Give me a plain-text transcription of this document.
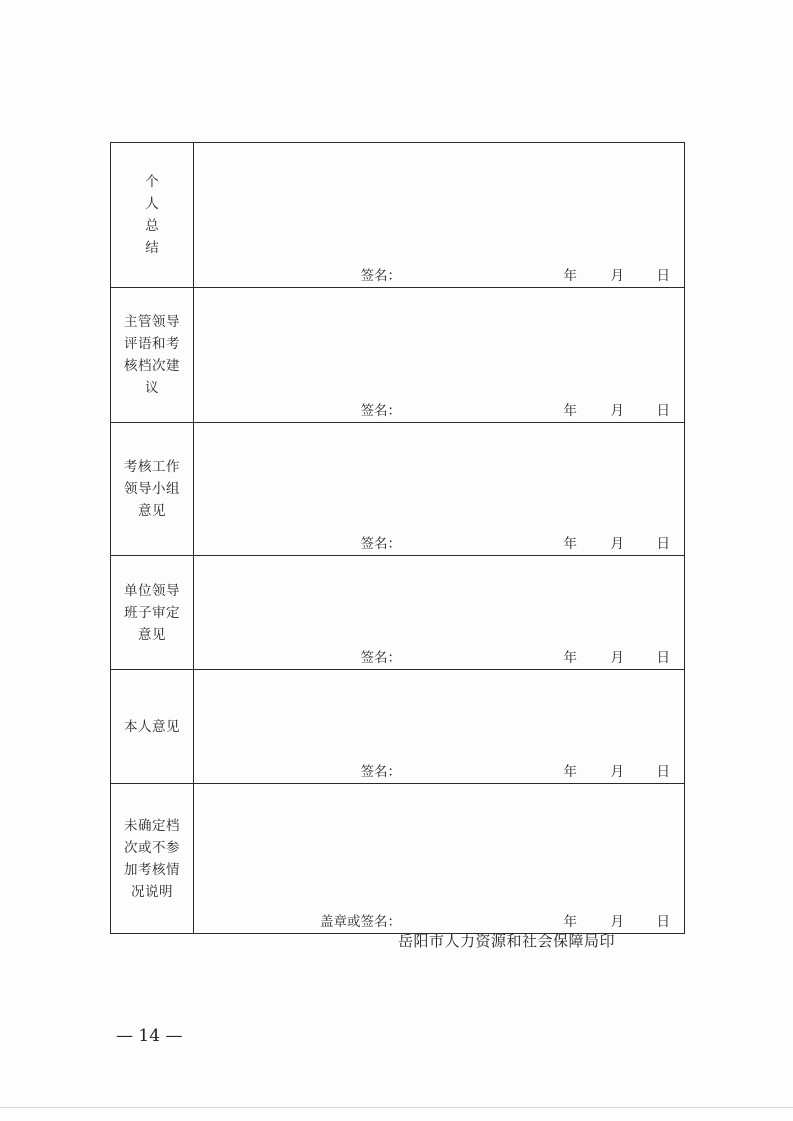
个人总结	签名： 年 月 日

主管领导评语和考核档次建议	签名： 年 月 日

考核工作领导小组意见	签名： 年 月 日

单位领导班子审定意见	签名： 年 月 日

本人意见	签名： 年 月 日

未确定档次或不参加考核情况说明	盖章或签名： 年 月 日
岳阳市人力资源和社会保障局印
— 14 —
